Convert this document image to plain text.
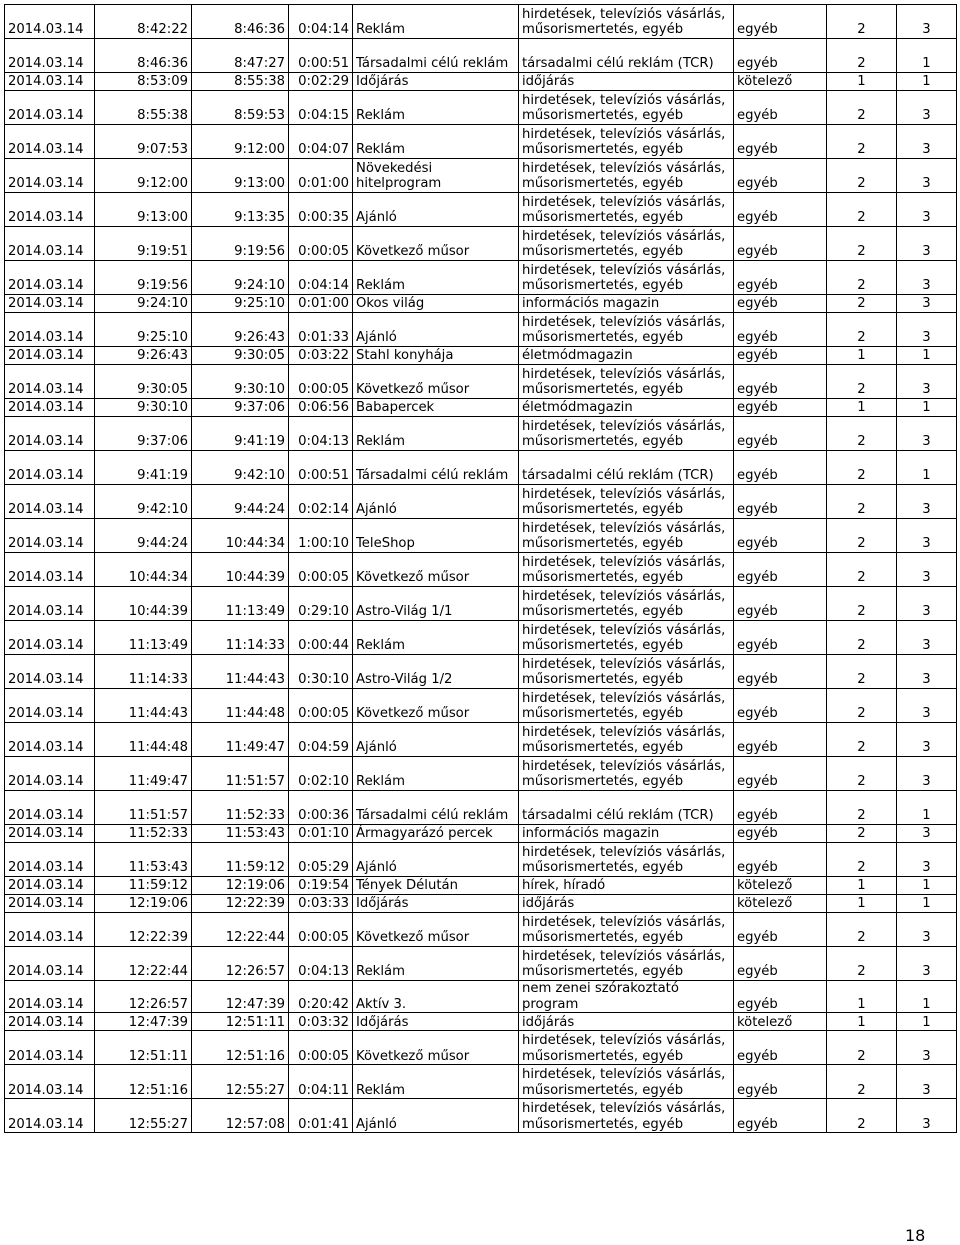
2014.03.14	8:42:22	8:46:36	0:04:14	Reklám	hirdetések, televíziós vásárlás, műsorismertetés, egyéb	egyéb	2	3
2014.03.14	8:46:36	8:47:27	0:00:51	Társadalmi célú reklám	társadalmi célú reklám (TCR)	egyéb	2	1
2014.03.14	8:53:09	8:55:38	0:02:29	Időjárás	időjárás	kötelező	1	1
2014.03.14	8:55:38	8:59:53	0:04:15	Reklám	hirdetések, televíziós vásárlás, műsorismertetés, egyéb	egyéb	2	3
2014.03.14	9:07:53	9:12:00	0:04:07	Reklám	hirdetések, televíziós vásárlás, műsorismertetés, egyéb	egyéb	2	3
2014.03.14	9:12:00	9:13:00	0:01:00	Növekedési hitelprogram	hirdetések, televíziós vásárlás, műsorismertetés, egyéb	egyéb	2	3
2014.03.14	9:13:00	9:13:35	0:00:35	Ajánló	hirdetések, televíziós vásárlás, műsorismertetés, egyéb	egyéb	2	3
2014.03.14	9:19:51	9:19:56	0:00:05	Következő műsor	hirdetések, televíziós vásárlás, műsorismertetés, egyéb	egyéb	2	3
2014.03.14	9:19:56	9:24:10	0:04:14	Reklám	hirdetések, televíziós vásárlás, műsorismertetés, egyéb	egyéb	2	3
2014.03.14	9:24:10	9:25:10	0:01:00	Okos világ	információs magazin	egyéb	2	3
2014.03.14	9:25:10	9:26:43	0:01:33	Ajánló	hirdetések, televíziós vásárlás, műsorismertetés, egyéb	egyéb	2	3
2014.03.14	9:26:43	9:30:05	0:03:22	Stahl konyhája	életmódmagazin	egyéb	1	1
2014.03.14	9:30:05	9:30:10	0:00:05	Következő műsor	hirdetések, televíziós vásárlás, műsorismertetés, egyéb	egyéb	2	3
2014.03.14	9:30:10	9:37:06	0:06:56	Babapercek	életmódmagazin	egyéb	1	1
2014.03.14	9:37:06	9:41:19	0:04:13	Reklám	hirdetések, televíziós vásárlás, műsorismertetés, egyéb	egyéb	2	3
2014.03.14	9:41:19	9:42:10	0:00:51	Társadalmi célú reklám	társadalmi célú reklám (TCR)	egyéb	2	1
2014.03.14	9:42:10	9:44:24	0:02:14	Ajánló	hirdetések, televíziós vásárlás, műsorismertetés, egyéb	egyéb	2	3
2014.03.14	9:44:24	10:44:34	1:00:10	TeleShop	hirdetések, televíziós vásárlás, műsorismertetés, egyéb	egyéb	2	3
2014.03.14	10:44:34	10:44:39	0:00:05	Következő műsor	hirdetések, televíziós vásárlás, műsorismertetés, egyéb	egyéb	2	3
2014.03.14	10:44:39	11:13:49	0:29:10	Astro-Világ 1/1	hirdetések, televíziós vásárlás, műsorismertetés, egyéb	egyéb	2	3
2014.03.14	11:13:49	11:14:33	0:00:44	Reklám	hirdetések, televíziós vásárlás, műsorismertetés, egyéb	egyéb	2	3
2014.03.14	11:14:33	11:44:43	0:30:10	Astro-Világ 1/2	hirdetések, televíziós vásárlás, műsorismertetés, egyéb	egyéb	2	3
2014.03.14	11:44:43	11:44:48	0:00:05	Következő műsor	hirdetések, televíziós vásárlás, műsorismertetés, egyéb	egyéb	2	3
2014.03.14	11:44:48	11:49:47	0:04:59	Ajánló	hirdetések, televíziós vásárlás, műsorismertetés, egyéb	egyéb	2	3
2014.03.14	11:49:47	11:51:57	0:02:10	Reklám	hirdetések, televíziós vásárlás, műsorismertetés, egyéb	egyéb	2	3
2014.03.14	11:51:57	11:52:33	0:00:36	Társadalmi célú reklám	társadalmi célú reklám (TCR)	egyéb	2	1
2014.03.14	11:52:33	11:53:43	0:01:10	Ármagyarázó percek	információs magazin	egyéb	2	3
2014.03.14	11:53:43	11:59:12	0:05:29	Ajánló	hirdetések, televíziós vásárlás, műsorismertetés, egyéb	egyéb	2	3
2014.03.14	11:59:12	12:19:06	0:19:54	Tények Délután	hírek, híradó	kötelező	1	1
2014.03.14	12:19:06	12:22:39	0:03:33	Időjárás	időjárás	kötelező	1	1
2014.03.14	12:22:39	12:22:44	0:00:05	Következő műsor	hirdetések, televíziós vásárlás, műsorismertetés, egyéb	egyéb	2	3
2014.03.14	12:22:44	12:26:57	0:04:13	Reklám	hirdetések, televíziós vásárlás, műsorismertetés, egyéb	egyéb	2	3
2014.03.14	12:26:57	12:47:39	0:20:42	Aktív 3.	nem zenei szórakoztató program	egyéb	1	1
2014.03.14	12:47:39	12:51:11	0:03:32	Időjárás	időjárás	kötelező	1	1
2014.03.14	12:51:11	12:51:16	0:00:05	Következő műsor	hirdetések, televíziós vásárlás, műsorismertetés, egyéb	egyéb	2	3
2014.03.14	12:51:16	12:55:27	0:04:11	Reklám	hirdetések, televíziós vásárlás, műsorismertetés, egyéb	egyéb	2	3
2014.03.14	12:55:27	12:57:08	0:01:41	Ajánló	hirdetések, televíziós vásárlás, műsorismertetés, egyéb	egyéb	2	3
18
